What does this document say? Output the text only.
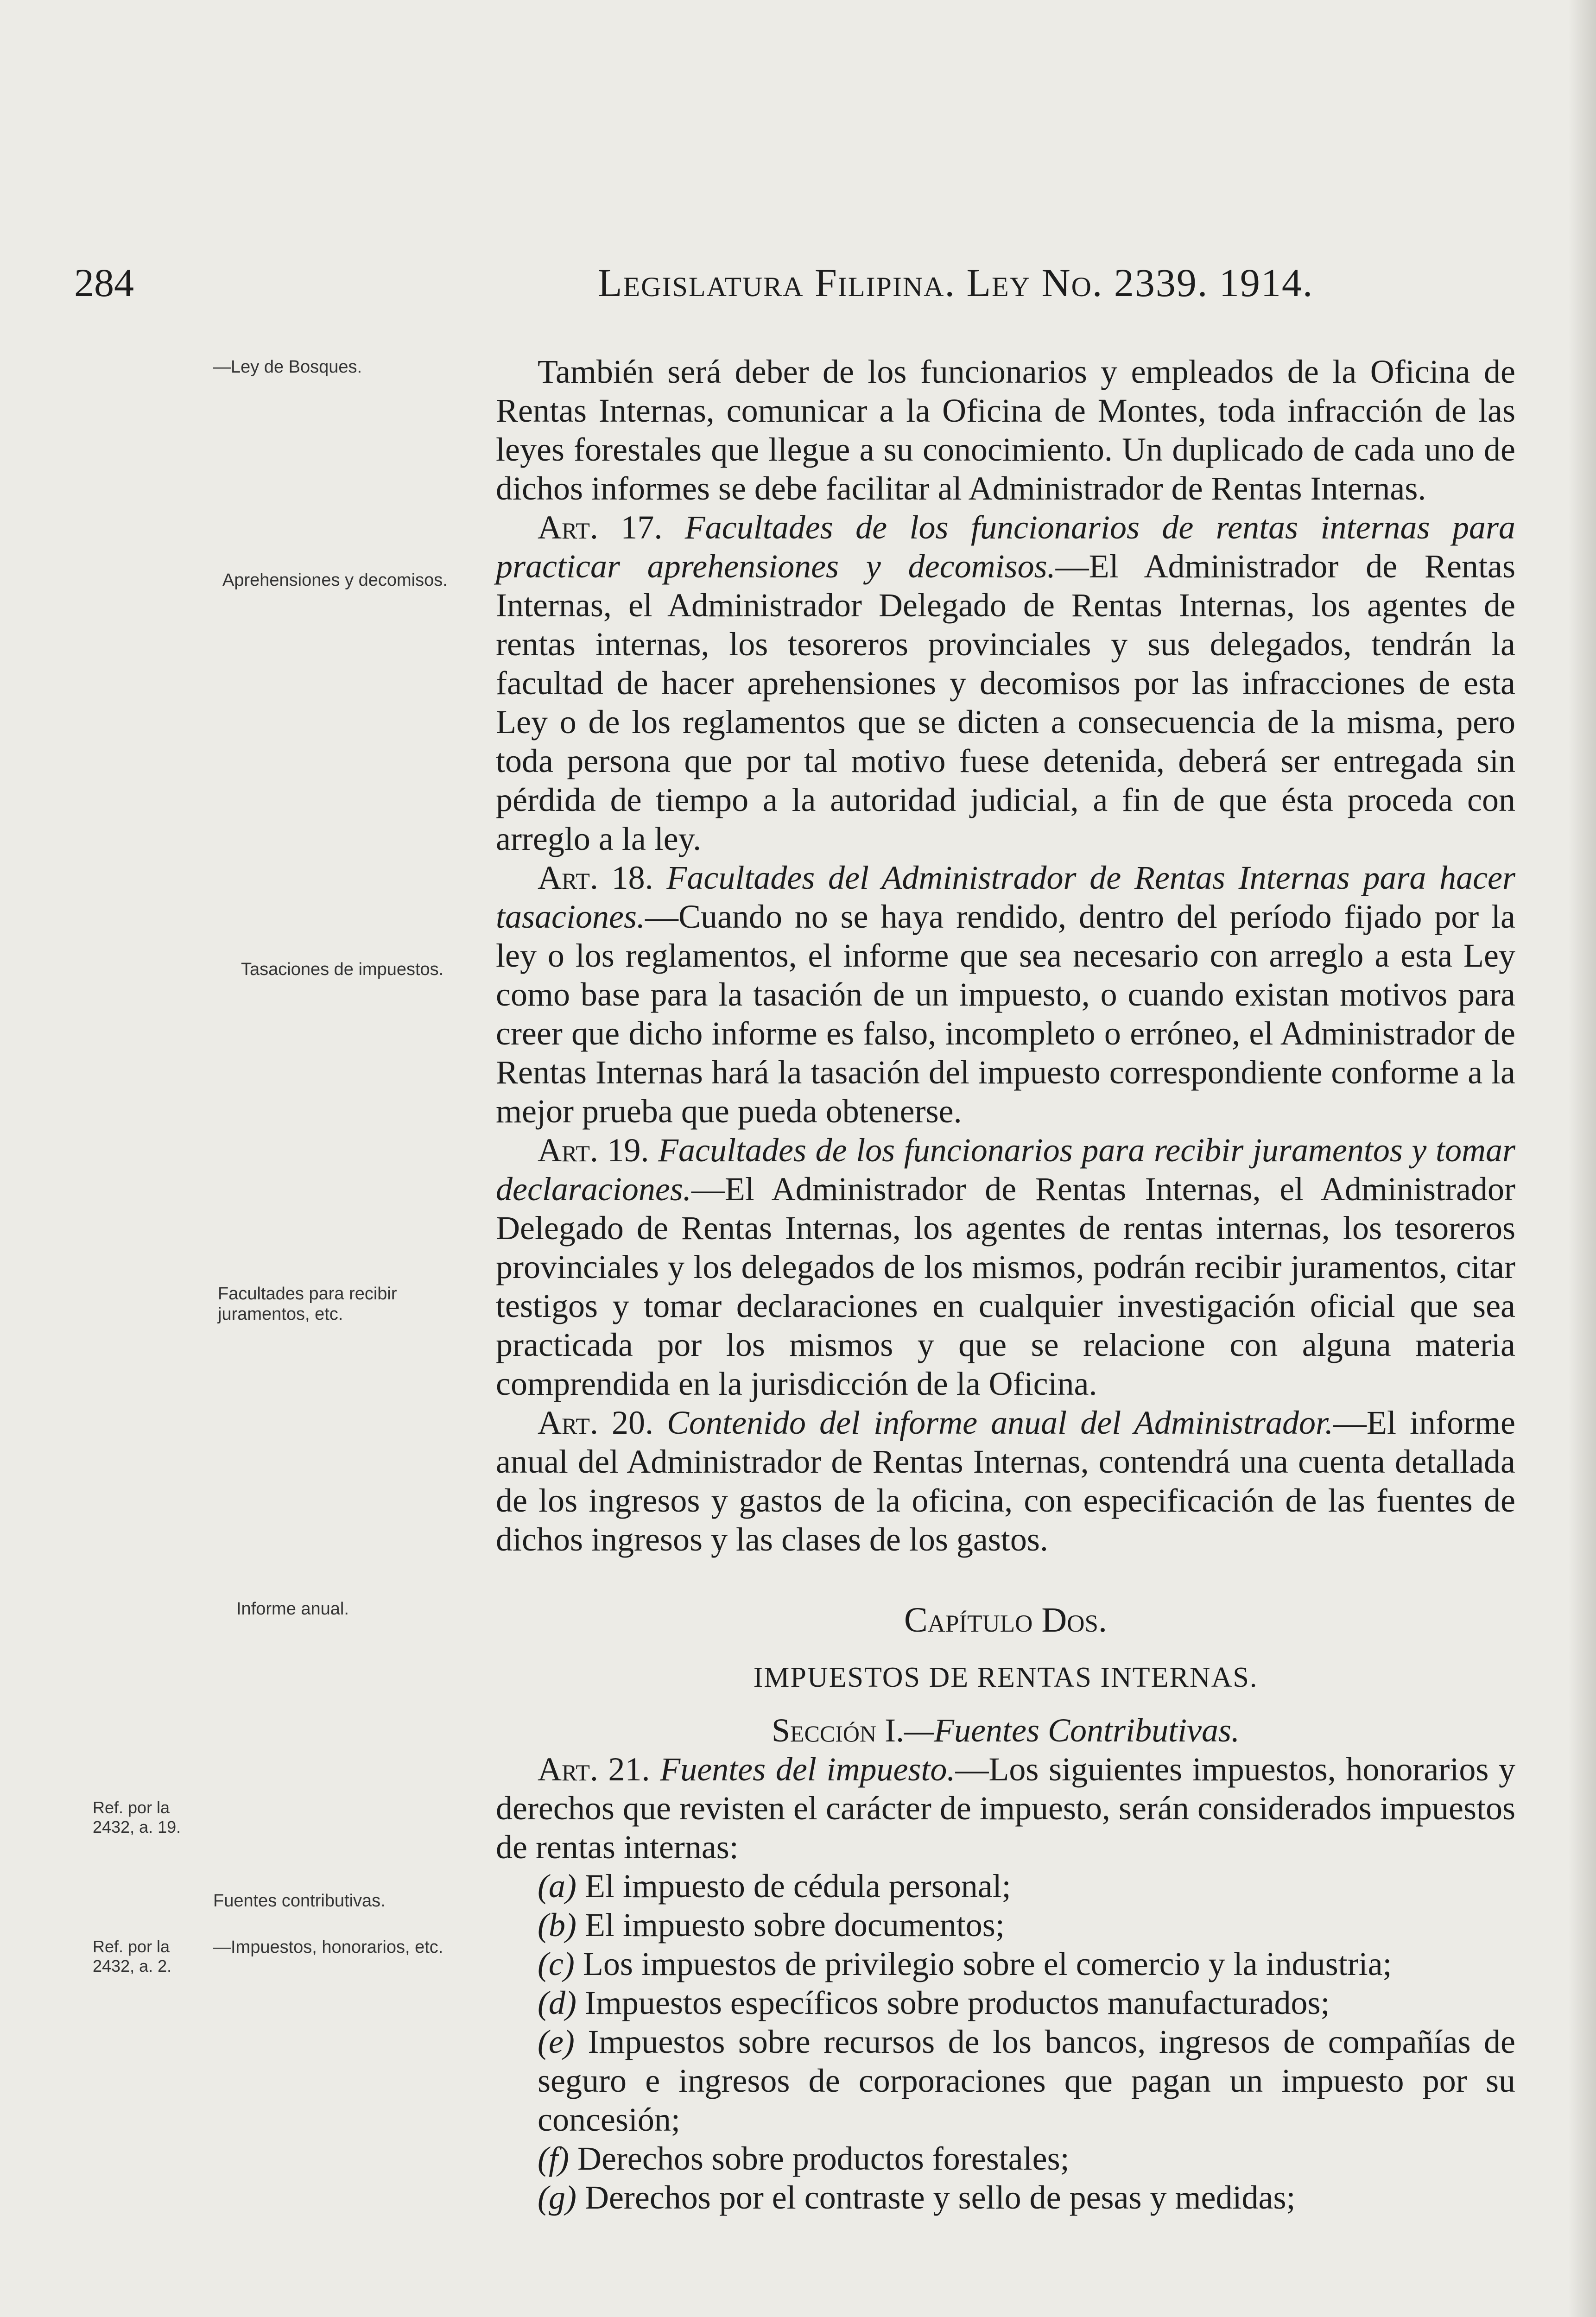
284	Legislatura Filipina. Ley No. 2339. 1914.
—Ley de Bosques.
Aprehensiones y decomisos.
Tasaciones de impuestos.
Facultades para recibir juramentos, etc.
Informe anual.
Fuentes contributivas.
—Impuestos, honorarios, etc.
Ref. por la 2432, a. 19.
Ref. por la 2432, a. 2.

También será deber de los funcionarios y empleados de la Oficina de Rentas Internas, comunicar a la Oficina de Montes, toda infracción de las leyes forestales que llegue a su conocimiento. Un duplicado de cada uno de dichos informes se debe facilitar al Administrador de Rentas Internas.

Art. 17. Facultades de los funcionarios de rentas internas para practicar aprehensiones y decomisos.—El Administrador de Rentas Internas, el Administrador Delegado de Rentas Internas, los agentes de rentas internas, los tesoreros provinciales y sus delegados, tendrán la facultad de hacer aprehensiones y decomisos por las infracciones de esta Ley o de los reglamentos que se dicten a consecuencia de la misma, pero toda persona que por tal motivo fuese detenida, deberá ser entregada sin pérdida de tiempo a la autoridad judicial, a fin de que ésta proceda con arreglo a la ley.

Art. 18. Facultades del Administrador de Rentas Internas para hacer tasaciones.—Cuando no se haya rendido, dentro del período fijado por la ley o los reglamentos, el informe que sea necesario con arreglo a esta Ley como base para la tasación de un impuesto, o cuando existan motivos para creer que dicho informe es falso, incompleto o erróneo, el Administrador de Rentas Internas hará la tasación del impuesto correspondiente conforme a la mejor prueba que pueda obtenerse.

Art. 19. Facultades de los funcionarios para recibir juramentos y tomar declaraciones.—El Administrador de Rentas Internas, el Administrador Delegado de Rentas Internas, los agentes de rentas internas, los tesoreros provinciales y los delegados de los mismos, podrán recibir juramentos, citar testigos y tomar declaraciones en cualquier investigación oficial que sea practicada por los mismos y que se relacione con alguna materia comprendida en la jurisdicción de la Oficina.

Art. 20. Contenido del informe anual del Administrador.—El informe anual del Administrador de Rentas Internas, contendrá una cuenta detallada de los ingresos y gastos de la oficina, con especificación de las fuentes de dichos ingresos y las clases de los gastos.

Capítulo Dos.

IMPUESTOS DE RENTAS INTERNAS.

Sección I.—Fuentes Contributivas.

Art. 21. Fuentes del impuesto.—Los siguientes impuestos, honorarios y derechos que revisten el carácter de impuesto, serán considerados impuestos de rentas internas:

(a) El impuesto de cédula personal;

(b) El impuesto sobre documentos;

(c) Los impuestos de privilegio sobre el comercio y la industria;

(d) Impuestos específicos sobre productos manufacturados;

(e) Impuestos sobre recursos de los bancos, ingresos de compañías de seguro e ingresos de corporaciones que pagan un impuesto por su concesión;

(f) Derechos sobre productos forestales;

(g) Derechos por el contraste y sello de pesas y medidas;
